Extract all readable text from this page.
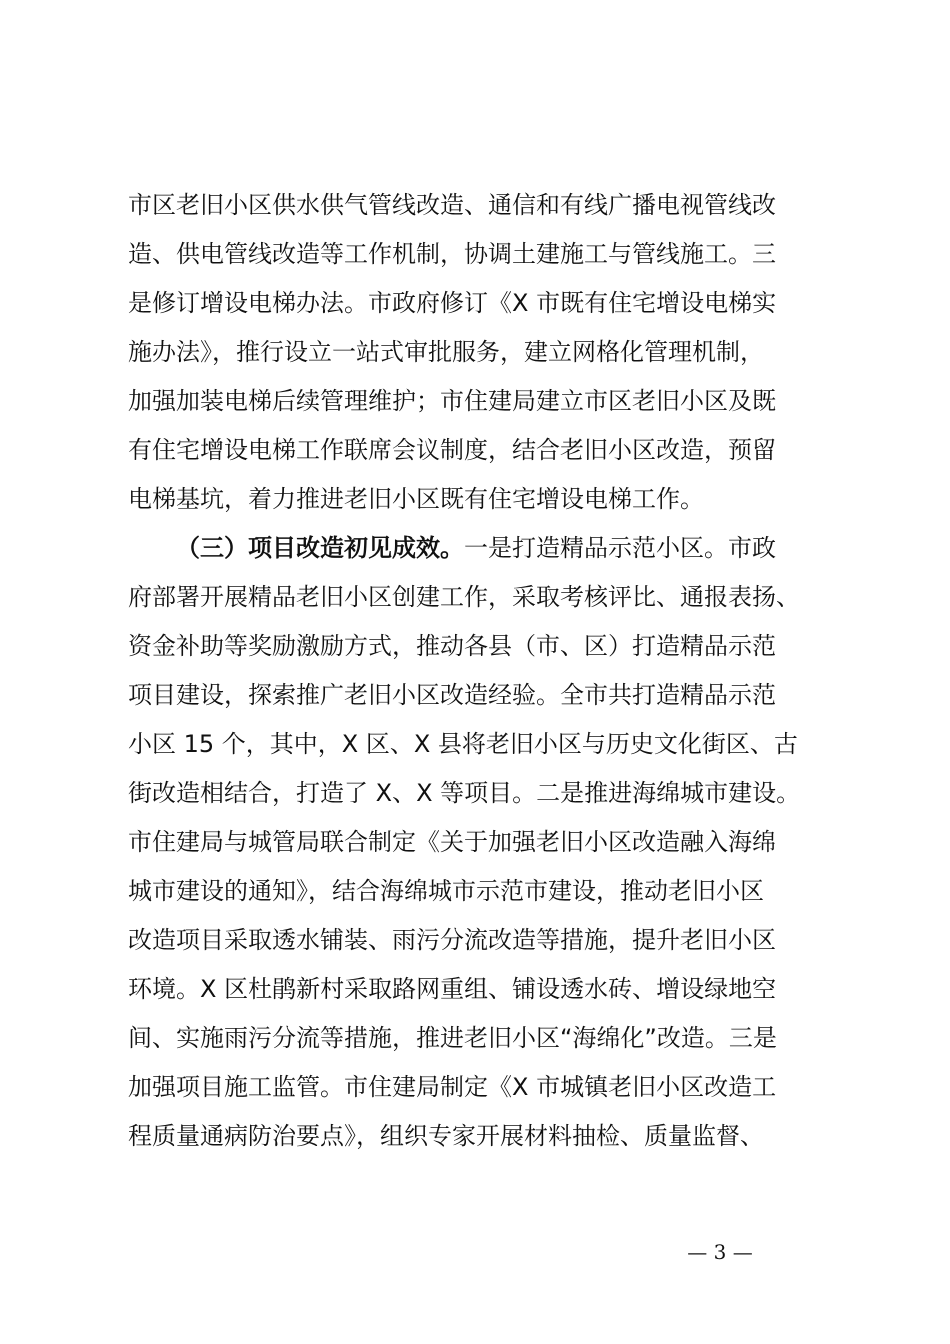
市区老旧小区供水供气管线改造、通信和有线广播电视管线改
造、供电管线改造等工作机制，协调土建施工与管线施工。三
是修订增设电梯办法。市政府修订《X 市既有住宅增设电梯实
施办法》，推行设立一站式审批服务，建立网格化管理机制，
加强加装电梯后续管理维护；市住建局建立市区老旧小区及既
有住宅增设电梯工作联席会议制度，结合老旧小区改造，预留
电梯基坑，着力推进老旧小区既有住宅增设电梯工作。
（三）项目改造初见成效。一是打造精品示范小区。市政
府部署开展精品老旧小区创建工作，采取考核评比、通报表扬、
资金补助等奖励激励方式，推动各县（市、区）打造精品示范
项目建设，探索推广老旧小区改造经验。全市共打造精品示范
小区 15 个，其中，X 区、X 县将老旧小区与历史文化街区、古
街改造相结合，打造了 X、X 等项目。二是推进海绵城市建设。
市住建局与城管局联合制定《关于加强老旧小区改造融入海绵
城市建设的通知》，结合海绵城市示范市建设，推动老旧小区
改造项目采取透水铺装、雨污分流改造等措施，提升老旧小区
环境。X 区杜鹃新村采取路网重组、铺设透水砖、增设绿地空
间、实施雨污分流等措施，推进老旧小区“海绵化”改造。三是
加强项目施工监管。市住建局制定《X 市城镇老旧小区改造工
程质量通病防治要点》，组织专家开展材料抽检、质量监督、
— 3 —
